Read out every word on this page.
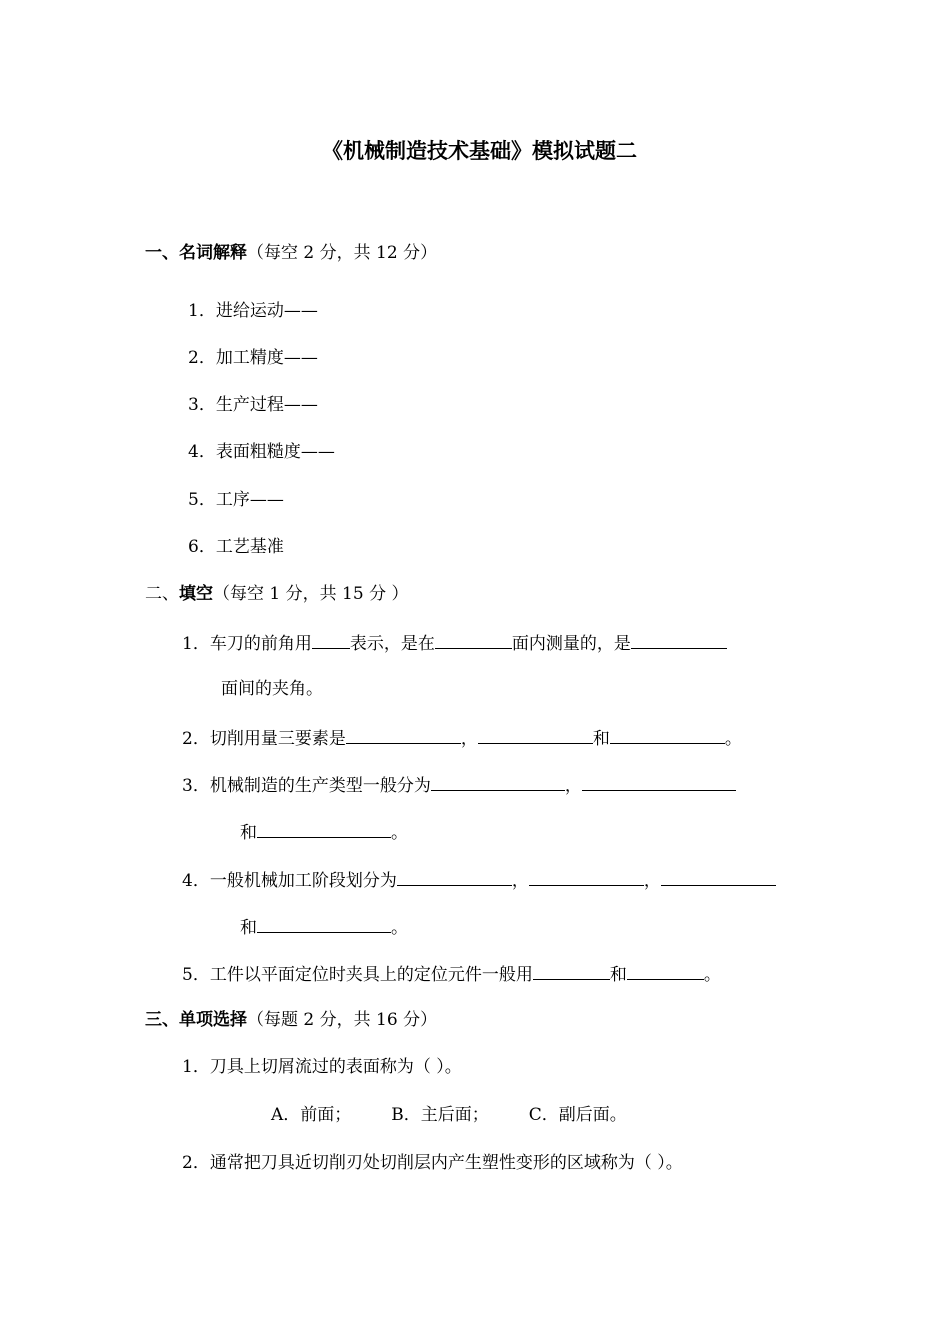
《机械制造技术基础》模拟试题二
一、名词解释（每空 2 分，共 12 分）
1．进给运动——
2．加工精度——
3．生产过程——
4．表面粗糙度——
5．工序——
6．工艺基准
二、填空（每空 1 分，共 15 分 ）
1．车刀的前角用 表示，是在	面内测量的，是
面间的夹角。
2．切削用量三要素是	，	和	。
3．机械制造的生产类型一般分为	，
和	。
4．一般机械加工阶段划分为	，	，
和	。
5．工件以平面定位时夹具上的定位元件一般用	和	。
三、单项选择（每题 2 分，共 16 分）
1．刀具上切屑流过的表面称为（ ）。
A．前面； B．主后面； C．副后面。
2．通常把刀具近切削刃处切削层内产生塑性变形的区域称为（ ）。
